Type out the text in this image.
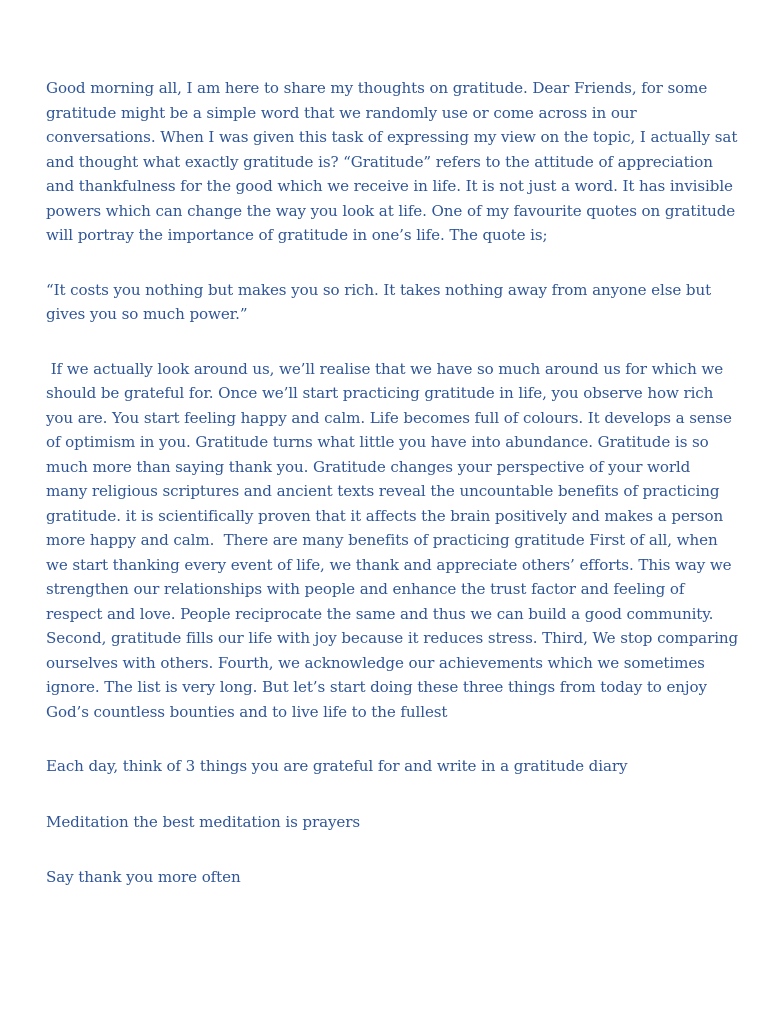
Good morning all, I am here to share my thoughts on gratitude. Dear Friends, for some
gratitude might be a simple word that we randomly use or come across in our
conversations. When I was given this task of expressing my view on the topic, I actually sat
and thought what exactly gratitude is? “Gratitude” refers to the attitude of appreciation
and thankfulness for the good which we receive in life. It is not just a word. It has invisible
powers which can change the way you look at life. One of my favourite quotes on gratitude
will portray the importance of gratitude in one’s life. The quote is;

“It costs you nothing but makes you so rich. It takes nothing away from anyone else but
gives you so much power.”

If we actually look around us, we’ll realise that we have so much around us for which we
should be grateful for. Once we’ll start practicing gratitude in life, you observe how rich
you are. You start feeling happy and calm. Life becomes full of colours. It develops a sense
of optimism in you. Gratitude turns what little you have into abundance. Gratitude is so
much more than saying thank you. Gratitude changes your perspective of your world
many religious scriptures and ancient texts reveal the uncountable benefits of practicing
gratitude. it is scientifically proven that it affects the brain positively and makes a person
more happy and calm.  There are many benefits of practicing gratitude First of all, when
we start thanking every event of life, we thank and appreciate others’ efforts. This way we
strengthen our relationships with people and enhance the trust factor and feeling of
respect and love. People reciprocate the same and thus we can build a good community.
Second, gratitude fills our life with joy because it reduces stress. Third, We stop comparing
ourselves with others. Fourth, we acknowledge our achievements which we sometimes
ignore. The list is very long. But let’s start doing these three things from today to enjoy
God’s countless bounties and to live life to the fullest

Each day, think of 3 things you are grateful for and write in a gratitude diary

Meditation the best meditation is prayers

Say thank you more often
